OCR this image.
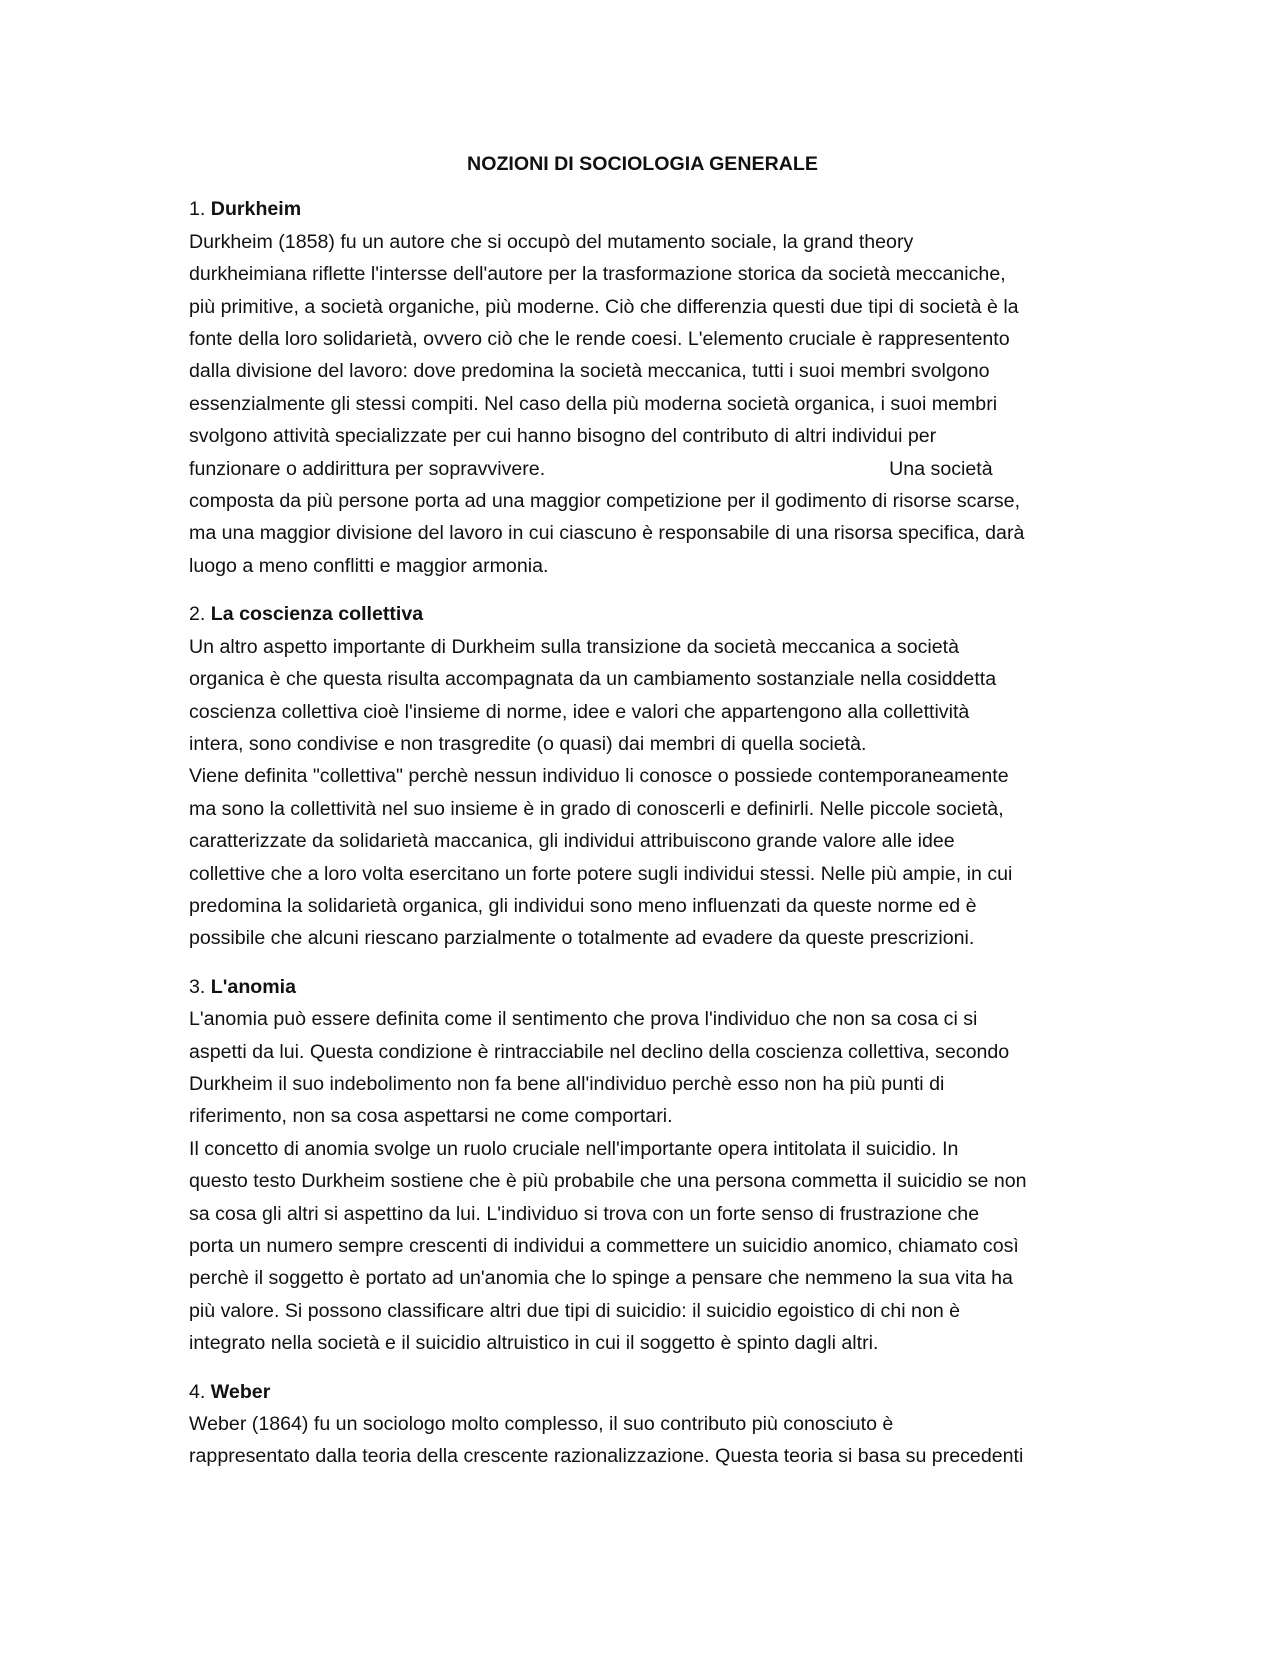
NOZIONI DI SOCIOLOGIA GENERALE
1. Durkheim
Durkheim (1858) fu un autore che si occupò del mutamento sociale, la grand theory
durkheimiana riflette l'intersse dell'autore per la trasformazione storica da società meccaniche,
più primitive, a società organiche, più moderne. Ciò che differenzia questi due tipi di società è la
fonte della loro solidarietà, ovvero ciò che le rende coesi. L'elemento cruciale è rappresentento
dalla divisione del lavoro: dove predomina la società meccanica, tutti i suoi membri svolgono
essenzialmente gli stessi compiti. Nel caso della più moderna società organica, i suoi membri
svolgono attività specializzate per cui hanno bisogno del contributo di altri individui per
funzionare o addirittura per sopravvivere.	Una società
composta da più persone porta ad una maggior competizione per il godimento di risorse scarse,
ma una maggior divisione del lavoro in cui ciascuno è responsabile di una risorsa specifica, darà
luogo a meno conflitti e maggior armonia.
2. La coscienza collettiva
Un altro aspetto importante di Durkheim sulla transizione da società meccanica a società
organica è che questa risulta accompagnata da un cambiamento sostanziale nella cosiddetta
coscienza collettiva cioè l'insieme di norme, idee e valori che appartengono alla collettività
intera, sono condivise e non trasgredite (o quasi) dai membri di quella società.
Viene definita "collettiva" perchè nessun individuo li conosce o possiede contemporaneamente
ma sono la collettività nel suo insieme è in grado di conoscerli e definirli. Nelle piccole società,
caratterizzate da solidarietà maccanica, gli individui attribuiscono grande valore alle idee
collettive che a loro volta esercitano un forte potere sugli individui stessi. Nelle più ampie, in cui
predomina la solidarietà organica, gli individui sono meno influenzati da queste norme ed è
possibile che alcuni riescano parzialmente o totalmente ad evadere da queste prescrizioni.
3. L'anomia
L'anomia può essere definita come il sentimento che prova l'individuo che non sa cosa ci si
aspetti da lui. Questa condizione è rintracciabile nel declino della coscienza collettiva, secondo
Durkheim il suo indebolimento non fa bene all'individuo perchè esso non ha più punti di
riferimento, non sa cosa aspettarsi ne come comportari.
Il concetto di anomia svolge un ruolo cruciale nell'importante opera intitolata il suicidio. In
questo testo Durkheim sostiene che è più probabile che una persona commetta il suicidio se non
sa cosa gli altri si aspettino da lui. L'individuo si trova con un forte senso di frustrazione che
porta un numero sempre crescenti di individui a commettere un suicidio anomico, chiamato così
perchè il soggetto è portato ad un'anomia che lo spinge a pensare che nemmeno la sua vita ha
più valore. Si possono classificare altri due tipi di suicidio: il suicidio egoistico di chi non è
integrato nella società e il suicidio altruistico in cui il soggetto è spinto dagli altri.
4. Weber
Weber (1864) fu un sociologo molto complesso, il suo contributo più conosciuto è
rappresentato dalla teoria della crescente razionalizzazione. Questa teoria si basa su precedenti
